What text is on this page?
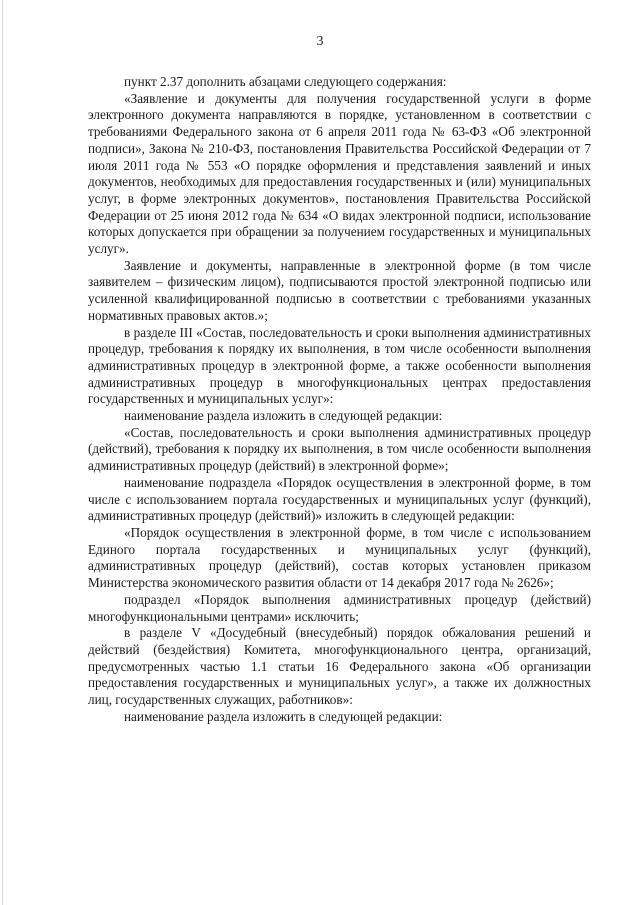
3

пункт 2.37 дополнить абзацами следующего содержания:

«Заявление и документы для получения государственной услуги в форме электронного документа направляются в порядке, установленном в соответствии с требованиями Федерального закона от 6 апреля 2011 года № 63-ФЗ «Об электронной подписи», Закона № 210-ФЗ, постановления Правительства Российской Федерации от 7 июля 2011 года № 553 «О порядке оформления и представления заявлений и иных документов, необходимых для предоставления государственных и (или) муниципальных услуг, в форме электронных документов», постановления Правительства Российской Федерации от 25 июня 2012 года № 634 «О видах электронной подписи, использование которых допускается при обращении за получением государственных и муниципальных услуг».

Заявление и документы, направленные в электронной форме (в том числе заявителем – физическим лицом), подписываются простой электронной подписью или усиленной квалифицированной подписью в соответствии с требованиями указанных нормативных правовых актов.»;

в разделе III «Состав, последовательность и сроки выполнения административных процедур, требования к порядку их выполнения, в том числе особенности выполнения административных процедур в электронной форме, а также особенности выполнения административных процедур в многофункциональных центрах предоставления государственных и муниципальных услуг»:

наименование раздела изложить в следующей редакции:

«Состав, последовательность и сроки выполнения административных процедур (действий), требования к порядку их выполнения, в том числе особенности выполнения административных процедур (действий) в электронной форме»;

наименование подраздела «Порядок осуществления в электронной форме, в том числе с использованием портала государственных и муниципальных услуг (функций), административных процедур (действий)» изложить в следующей редакции:

«Порядок осуществления в электронной форме, в том числе с использованием Единого портала государственных и муниципальных услуг (функций), административных процедур (действий), состав которых установлен приказом Министерства экономического развития области от 14 декабря 2017 года № 2626»;

подраздел «Порядок выполнения административных процедур (действий) многофункциональными центрами» исключить;

в разделе V «Досудебный (внесудебный) порядок обжалования решений и действий (бездействия) Комитета, многофункционального центра, организаций, предусмотренных частью 1.1 статьи 16 Федерального закона «Об организации предоставления государственных и муниципальных услуг», а также их должностных лиц, государственных служащих, работников»:

наименование раздела изложить в следующей редакции:
